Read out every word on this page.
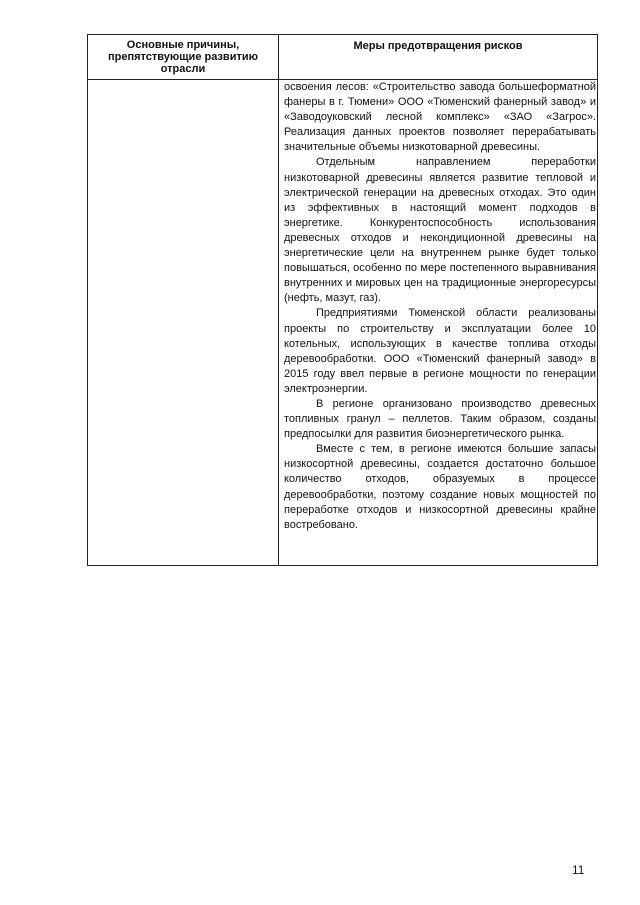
Основные причины, препятствующие развитию отрасли
Меры предотвращения рисков

освоения лесов: «Строительство завода большеформатной фанеры в г. Тюмени» ООО «Тюменский фанерный завод» и «Заводоуковский лесной комплекс» «ЗАО «Загрос». Реализация данных проектов позволяет перерабатывать значительные объемы низкотоварной древесины.

Отдельным направлением переработки низкотоварной древесины является развитие тепловой и электрической генерации на древесных отходах. Это один из эффективных в настоящий момент подходов в энергетике. Конкурентоспособность использования древесных отходов и некондиционной древесины на энергетические цели на внутреннем рынке будет только повышаться, особенно по мере постепенного выравнивания внутренних и мировых цен на традиционные энергоресурсы (нефть, мазут, газ).

Предприятиями Тюменской области реализованы проекты по строительству и эксплуатации более 10 котельных, использующих в качестве топлива отходы деревообработки. ООО «Тюменский фанерный завод» в 2015 году ввел первые в регионе мощности по генерации электроэнергии.

В регионе организовано производство древесных топливных гранул – пеллетов. Таким образом, созданы предпосылки для развития биоэнергетического рынка.

Вместе с тем, в регионе имеются большие запасы низкосортной древесины, создается достаточно большое количество отходов, образуемых в процессе деревообработки, поэтому создание новых мощностей по переработке отходов и низкосортной древесины крайне востребовано.

11
